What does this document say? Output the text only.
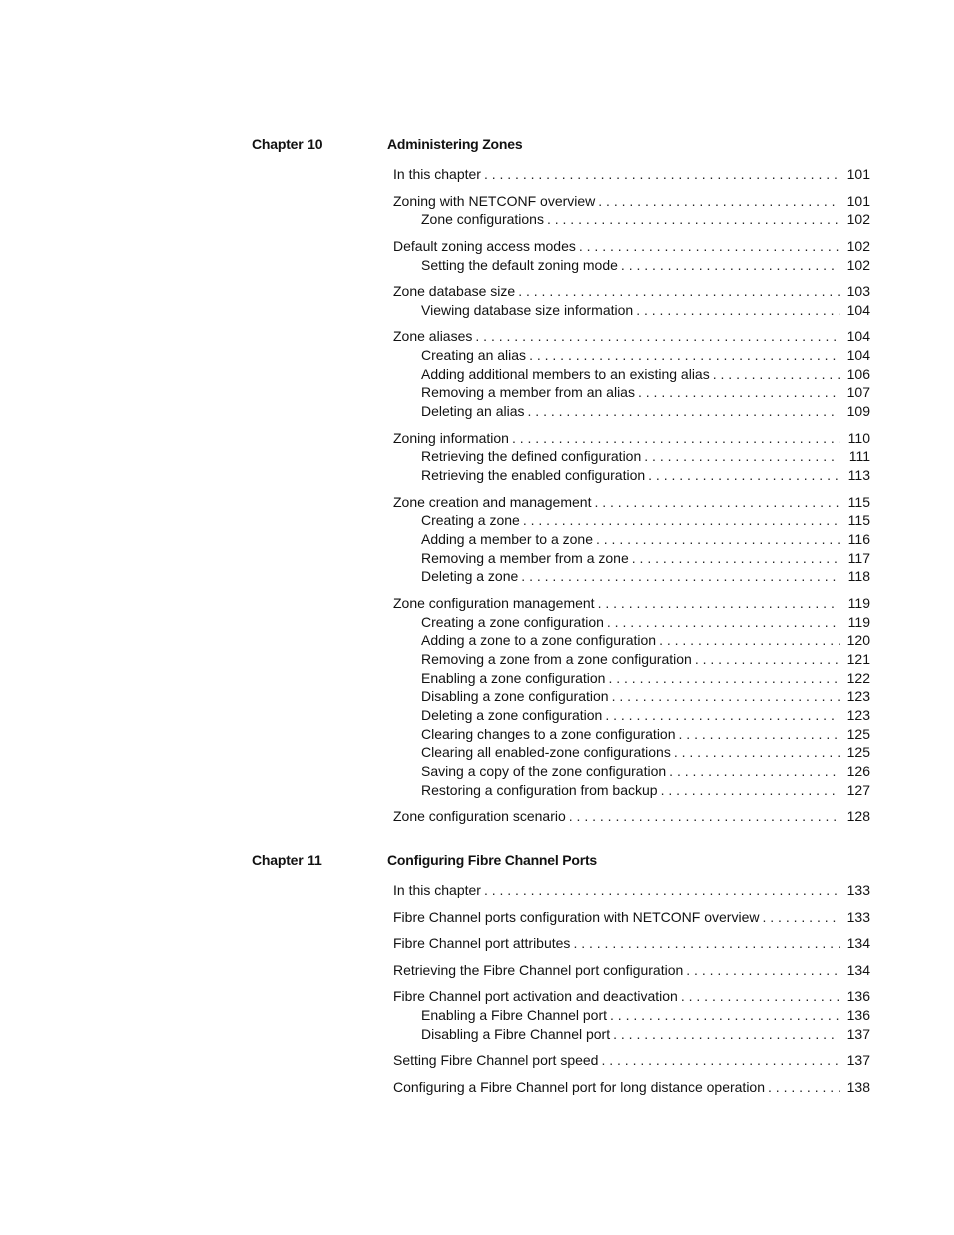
Chapter 10	Administering Zones
In this chapter . . .	101
Zoning with NETCONF overview . . .	101
Zone configurations . . .	102
Default zoning access modes . . .	102
Setting the default zoning mode . . .	102
Zone database size . . .	103
Viewing database size information . . .	104
Zone aliases . . .	104
Creating an alias . . .	104
Adding additional members to an existing alias . . .	106
Removing a member from an alias . . .	107
Deleting an alias . . .	109
Zoning information . . .	110
Retrieving the defined configuration . . .	111
Retrieving the enabled configuration . . .	113
Zone creation and management . . .	115
Creating a zone . . .	115
Adding a member to a zone . . .	116
Removing a member from a zone . . .	117
Deleting a zone . . .	118
Zone configuration management . . .	119
Creating a zone configuration . . .	119
Adding a zone to a zone configuration . . .	120
Removing a zone from a zone configuration . . .	121
Enabling a zone configuration . . .	122
Disabling a zone configuration . . .	123
Deleting a zone configuration . . .	123
Clearing changes to a zone configuration . . .	125
Clearing all enabled-zone configurations . . .	125
Saving a copy of the zone configuration . . .	126
Restoring a configuration from backup . . .	127
Zone configuration scenario . . .	128
Chapter 11	Configuring Fibre Channel Ports
In this chapter . . .	133
Fibre Channel ports configuration with NETCONF overview . . .	133
Fibre Channel port attributes . . .	134
Retrieving the Fibre Channel port configuration . . .	134
Fibre Channel port activation and deactivation . . .	136
Enabling a Fibre Channel port . . .	136
Disabling a Fibre Channel port . . .	137
Setting Fibre Channel port speed . . .	137
Configuring a Fibre Channel port for long distance operation . . .	138
